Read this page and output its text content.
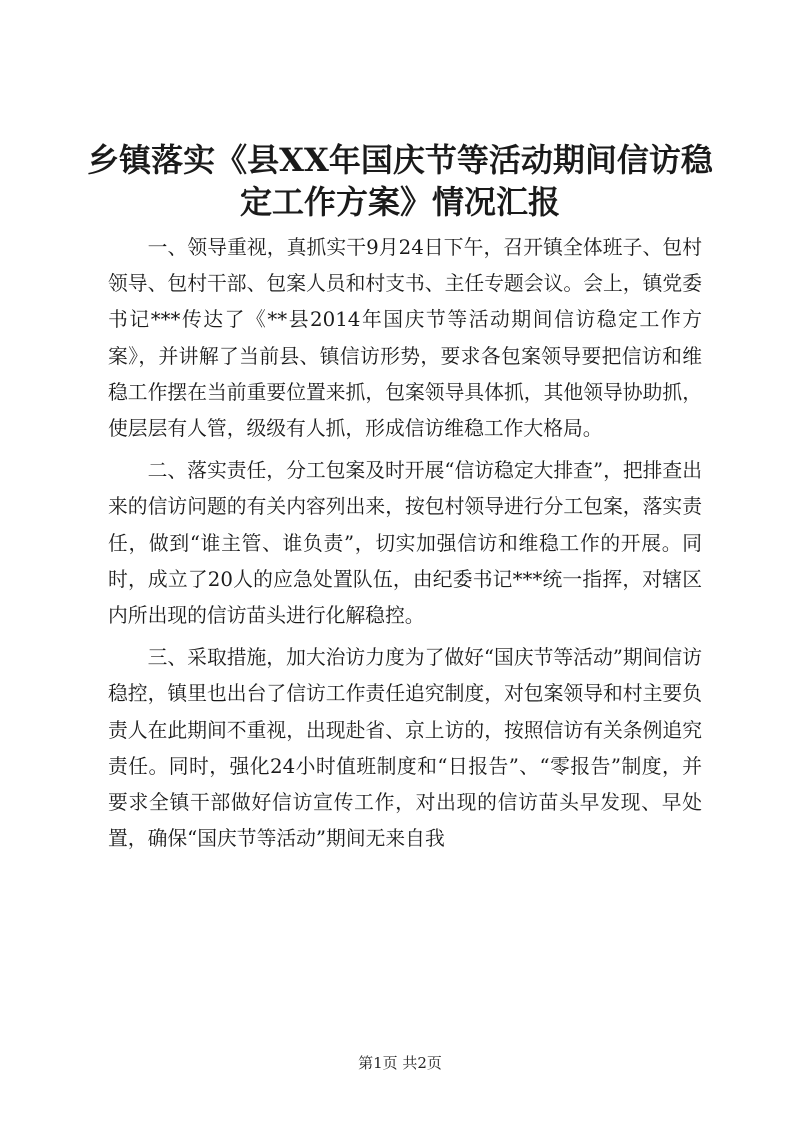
乡镇落实《县XX年国庆节等活动期间信访稳
定工作方案》情况汇报

一、领导重视，真抓实干9月24日下午，召开镇全体班子、包村领导、包村干部、包案人员和村支书、主任专题会议。会上，镇党委书记***传达了《**县2014年国庆节等活动期间信访稳定工作方案》，并讲解了当前县、镇信访形势，要求各包案领导要把信访和维稳工作摆在当前重要位置来抓，包案领导具体抓，其他领导协助抓，使层层有人管，级级有人抓，形成信访维稳工作大格局。

二、落实责任，分工包案及时开展“信访稳定大排查”，把排查出来的信访问题的有关内容列出来，按包村领导进行分工包案，落实责任，做到“谁主管、谁负责”，切实加强信访和维稳工作的开展。同时，成立了20人的应急处置队伍，由纪委书记***统一指挥，对辖区内所出现的信访苗头进行化解稳控。

三、采取措施，加大治访力度为了做好“国庆节等活动”期间信访稳控，镇里也出台了信访工作责任追究制度，对包案领导和村主要负责人在此期间不重视，出现赴省、京上访的，按照信访有关条例追究责任。同时，强化24小时值班制度和“日报告”、“零报告”制度，并要求全镇干部做好信访宣传工作，对出现的信访苗头早发现、早处置，确保“国庆节等活动”期间无来自我

第1页 共2页
